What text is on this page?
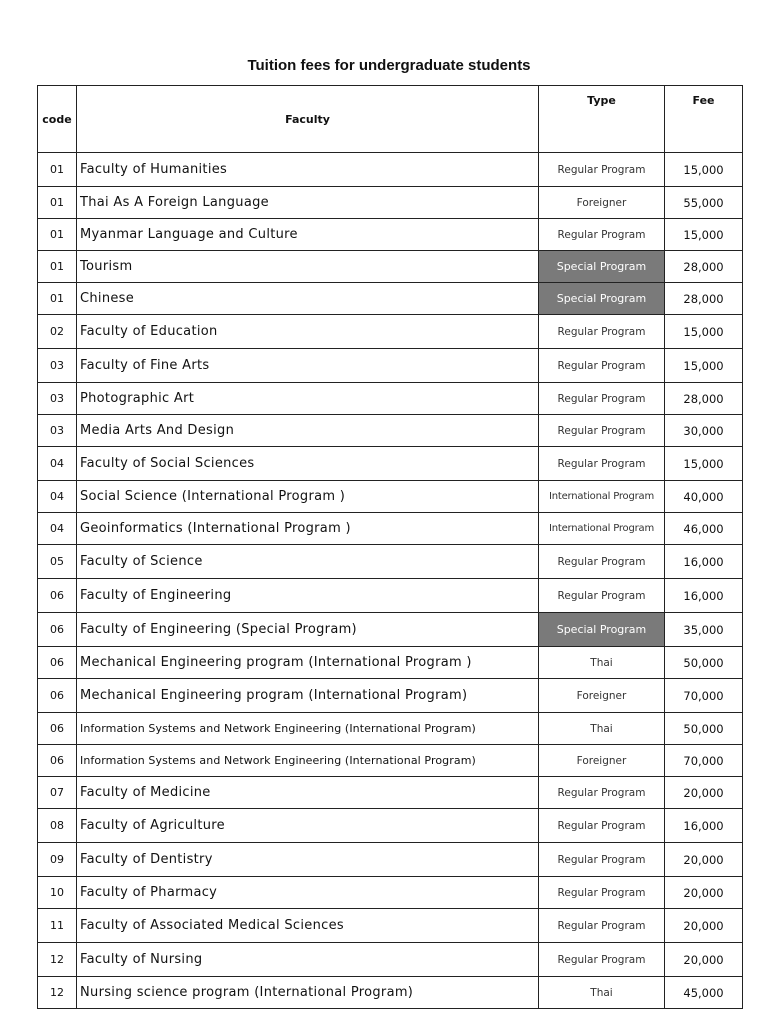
Tuition fees for undergraduate students
code	Faculty	Type	Fee
01	Faculty of Humanities	Regular Program	15,000
01	Thai As A Foreign Language	Foreigner	55,000
01	Myanmar Language and Culture	Regular Program	15,000
01	Tourism	Special Program	28,000
01	Chinese	Special Program	28,000
02	Faculty of Education	Regular Program	15,000
03	Faculty of Fine Arts	Regular Program	15,000
03	Photographic Art	Regular Program	28,000
03	Media Arts And Design	Regular Program	30,000
04	Faculty of Social Sciences	Regular Program	15,000
04	Social Science (International Program )	International Program	40,000
04	Geoinformatics (International Program )	International Program	46,000
05	Faculty of Science	Regular Program	16,000
06	Faculty of Engineering	Regular Program	16,000
06	Faculty of Engineering (Special Program)	Special Program	35,000
06	Mechanical Engineering program (International Program )	Thai	50,000
06	Mechanical Engineering program (International Program)	Foreigner	70,000
06	Information Systems and Network Engineering (International Program)	Thai	50,000
06	Information Systems and Network Engineering (International Program)	Foreigner	70,000
07	Faculty of Medicine	Regular Program	20,000
08	Faculty of Agriculture	Regular Program	16,000
09	Faculty of Dentistry	Regular Program	20,000
10	Faculty of Pharmacy	Regular Program	20,000
11	Faculty of Associated Medical Sciences	Regular Program	20,000
12	Faculty of Nursing	Regular Program	20,000
12	Nursing science program (International Program)	Thai	45,000
